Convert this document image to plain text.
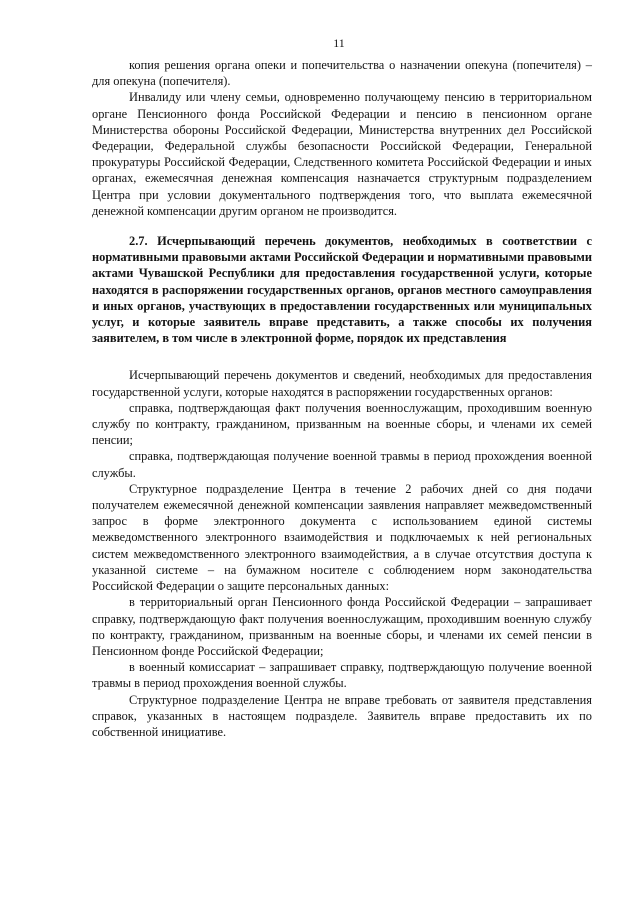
11

копия решения органа опеки и попечительства о назначении опекуна (попечителя) – для опекуна (попечителя).

Инвалиду или члену семьи, одновременно получающему пенсию в территориальном органе Пенсионного фонда Российской Федерации и пенсию в пенсионном органе Министерства обороны Российской Федерации, Министерства внутренних дел Российской Федерации, Федеральной службы безопасности Российской Федерации, Генеральной прокуратуры Российской Федерации, Следственного комитета Российской Федерации и иных органах, ежемесячная денежная компенсация назначается структурным подразделением Центра при условии документального подтверждения того, что выплата ежемесячной денежной компенсации другим органом не производится.

2.7. Исчерпывающий перечень документов, необходимых в соответствии с нормативными правовыми актами Российской Федерации и нормативными правовыми актами Чувашской Республики для предоставления государственной услуги, которые находятся в распоряжении государственных органов, органов местного самоуправления и иных органов, участвующих в предоставлении государственных или муниципальных услуг, и которые заявитель вправе представить, а также способы их получения заявителем, в том числе в электронной форме, порядок их представления

Исчерпывающий перечень документов и сведений, необходимых для предоставления государственной услуги, которые находятся в распоряжении государственных органов:

справка, подтверждающая факт получения военнослужащим, проходившим военную службу по контракту, гражданином, призванным на военные сборы, и членами их семей пенсии;

справка, подтверждающая получение военной травмы в период прохождения военной службы.

Структурное подразделение Центра в течение 2 рабочих дней со дня подачи получателем ежемесячной денежной компенсации заявления направляет межведомственный запрос в форме электронного документа с использованием единой системы межведомственного электронного взаимодействия и подключаемых к ней региональных систем межведомственного электронного взаимодействия, а в случае отсутствия доступа к указанной системе – на бумажном носителе с соблюдением норм законодательства Российской Федерации о защите персональных данных:

в территориальный орган Пенсионного фонда Российской Федерации – запрашивает справку, подтверждающую факт получения военнослужащим, проходившим военную службу по контракту, гражданином, призванным на военные сборы, и членами их семей пенсии в Пенсионном фонде Российской Федерации;

в военный комиссариат – запрашивает справку, подтверждающую получение военной травмы в период прохождения военной службы.

Структурное подразделение Центра не вправе требовать от заявителя представления справок, указанных в настоящем подразделе. Заявитель вправе предоставить их по собственной инициативе.
